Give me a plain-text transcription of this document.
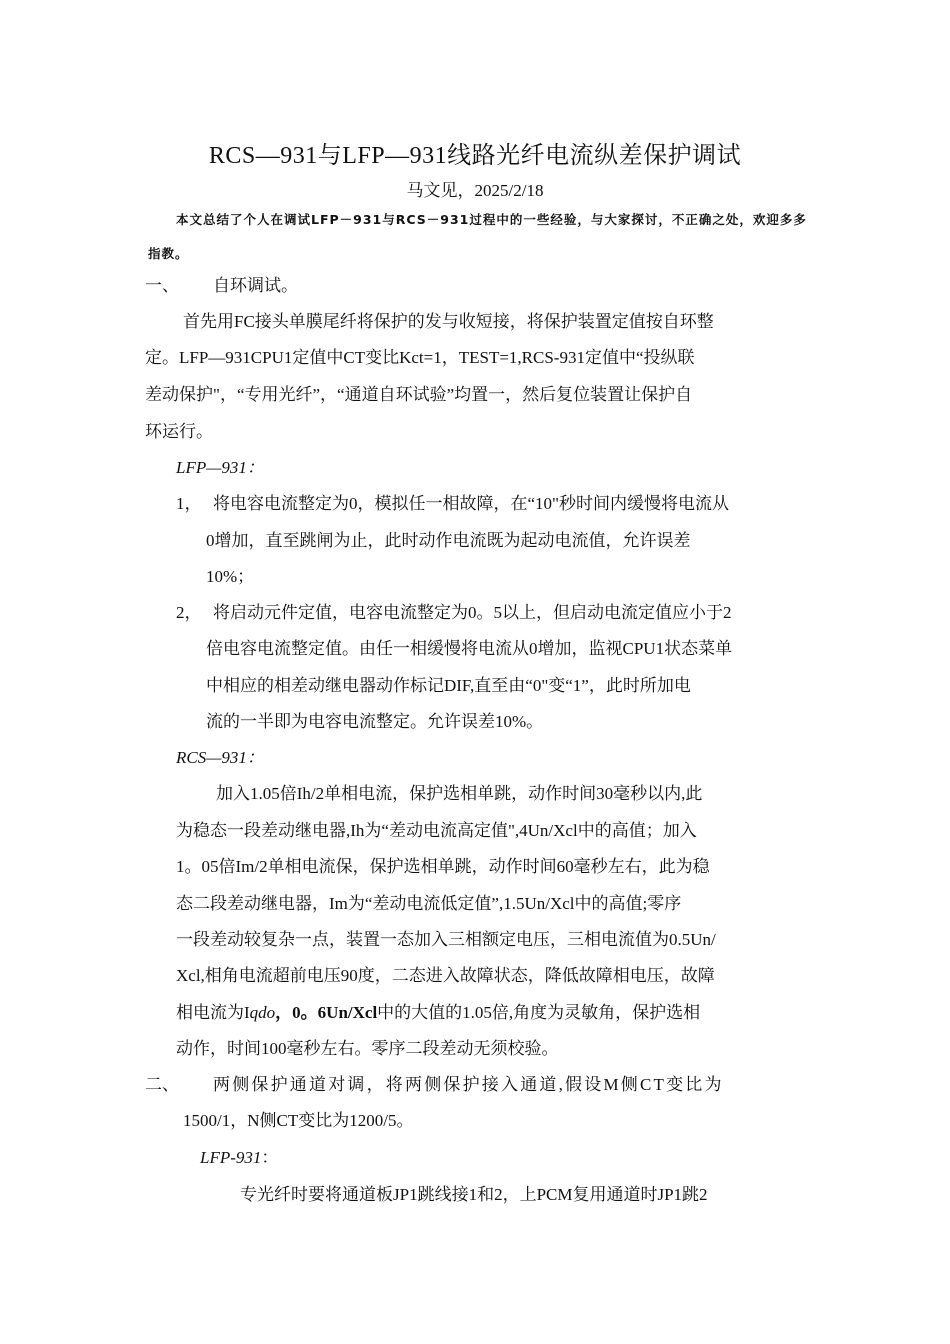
RCS—931与LFP—931线路光纤电流纵差保护调试
马文见，2025/2/18
本文总结了个人在调试LFP－931与RCS－931过程中的一些经验，与大家探讨，不正确之处，欢迎多多指教。
一、 自环调试。
首先用FC接头单膜尾纤将保护的发与收短接，将保护装置定值按自环整
定。LFP—931CPU1定值中CT变比Kct=1，TEST=1,RCS-931定值中“投纵联
差动保护"，“专用光纤”，“通道自环试验”均置一，然后复位装置让保护自
环运行。
LFP—931：
1， 将电容电流整定为0，模拟任一相故障，在“10"秒时间内缓慢将电流从
0增加，直至跳闸为止，此时动作电流既为起动电流值，允许误差
10%；
2， 将启动元件定值，电容电流整定为0。5以上，但启动电流定值应小于2
倍电容电流整定值。由任一相缓慢将电流从0增加，监视CPU1状态菜单
中相应的相差动继电器动作标记DIF,直至由“0"变“1”，此时所加电
流的一半即为电容电流整定。允许误差10%。
RCS—931：
加入1.05倍Ih/2单相电流，保护选相单跳，动作时间30毫秒以内,此
为稳态一段差动继电器,Ih为“差动电流高定值",4Un/Xcl中的高值；加入
1。05倍Im/2单相电流保，保护选相单跳，动作时间60毫秒左右，此为稳
态二段差动继电器，Im为“差动电流低定值”,1.5Un/Xcl中的高值;零序
一段差动较复杂一点，装置一态加入三相额定电压，三相电流值为0.5Un/
Xcl,相角电流超前电压90度，二态进入故障状态，降低故障相电压，故障
相电流为Iqdo，0。6Un/Xcl中的大值的1.05倍,角度为灵敏角，保护选相
动作，时间100毫秒左右。零序二段差动无须校验。
二、 两侧保护通道对调，将两侧保护接入通道,假设M侧CT变比为
1500/1，N侧CT变比为1200/5。
LFP-931：
专光纤时要将通道板JP1跳线接1和2，上PCM复用通道时JP1跳2
